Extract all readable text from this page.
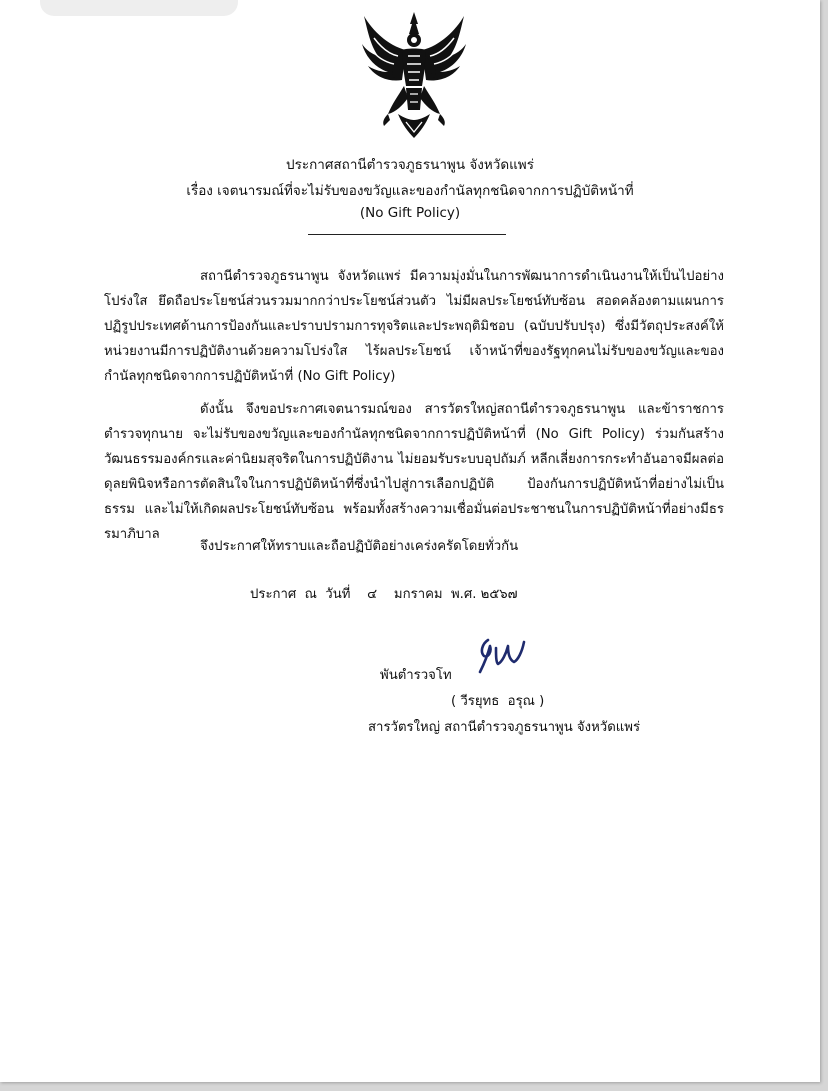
ประกาศสถานีตำรวจภูธรนาพูน จังหวัดแพร่
เรื่อง เจตนารมณ์ที่จะไม่รับของขวัญและของกำนัลทุกชนิดจากการปฏิบัติหน้าที่
(No Gift Policy)

สถานีตำรวจภูธรนาพูน จังหวัดแพร่ มีความมุ่งมั่นในการพัฒนาการดำเนินงานให้เป็นไปอย่างโปร่งใส ยึดถือประโยชน์ส่วนรวมมากกว่าประโยชน์ส่วนตัว ไม่มีผลประโยชน์ทับซ้อน สอดคล้องตามแผนการปฏิรูปประเทศด้านการป้องกันและปราบปรามการทุจริตและประพฤติมิชอบ (ฉบับปรับปรุง) ซึ่งมีวัตถุประสงค์ให้หน่วยงานมีการปฏิบัติงานด้วยความโปร่งใส ไร้ผลประโยชน์ เจ้าหน้าที่ของรัฐทุกคนไม่รับของขวัญและของกำนัลทุกชนิดจากการปฏิบัติหน้าที่ (No Gift Policy)

ดังนั้น จึงขอประกาศเจตนารมณ์ของ สารวัตรใหญ่สถานีตำรวจภูธรนาพูน และข้าราชการตำรวจทุกนาย จะไม่รับของขวัญและของกำนัลทุกชนิดจากการปฏิบัติหน้าที่ (No Gift Policy) ร่วมกันสร้างวัฒนธรรมองค์กรและค่านิยมสุจริตในการปฏิบัติงาน ไม่ยอมรับระบบอุปถัมภ์ หลีกเลี่ยงการกระทำอันอาจมีผลต่อดุลยพินิจหรือการตัดสินใจในการปฏิบัติหน้าที่ซึ่งนำไปสู่การเลือกปฏิบัติ ป้องกันการปฏิบัติหน้าที่อย่างไม่เป็นธรรม และไม่ให้เกิดผลประโยชน์ทับซ้อน พร้อมทั้งสร้างความเชื่อมั่นต่อประชาชนในการปฏิบัติหน้าที่อย่างมีธรรมาภิบาล

จึงประกาศให้ทราบและถือปฏิบัติอย่างเคร่งครัดโดยทั่วกัน
ประกาศ  ณ  วันที่    ๔    มกราคม  พ.ศ. ๒๕๖๗
พันตำรวจโท
( วีรยุทธ  อรุณ )
สารวัตรใหญ่ สถานีตำรวจภูธรนาพูน จังหวัดแพร่
